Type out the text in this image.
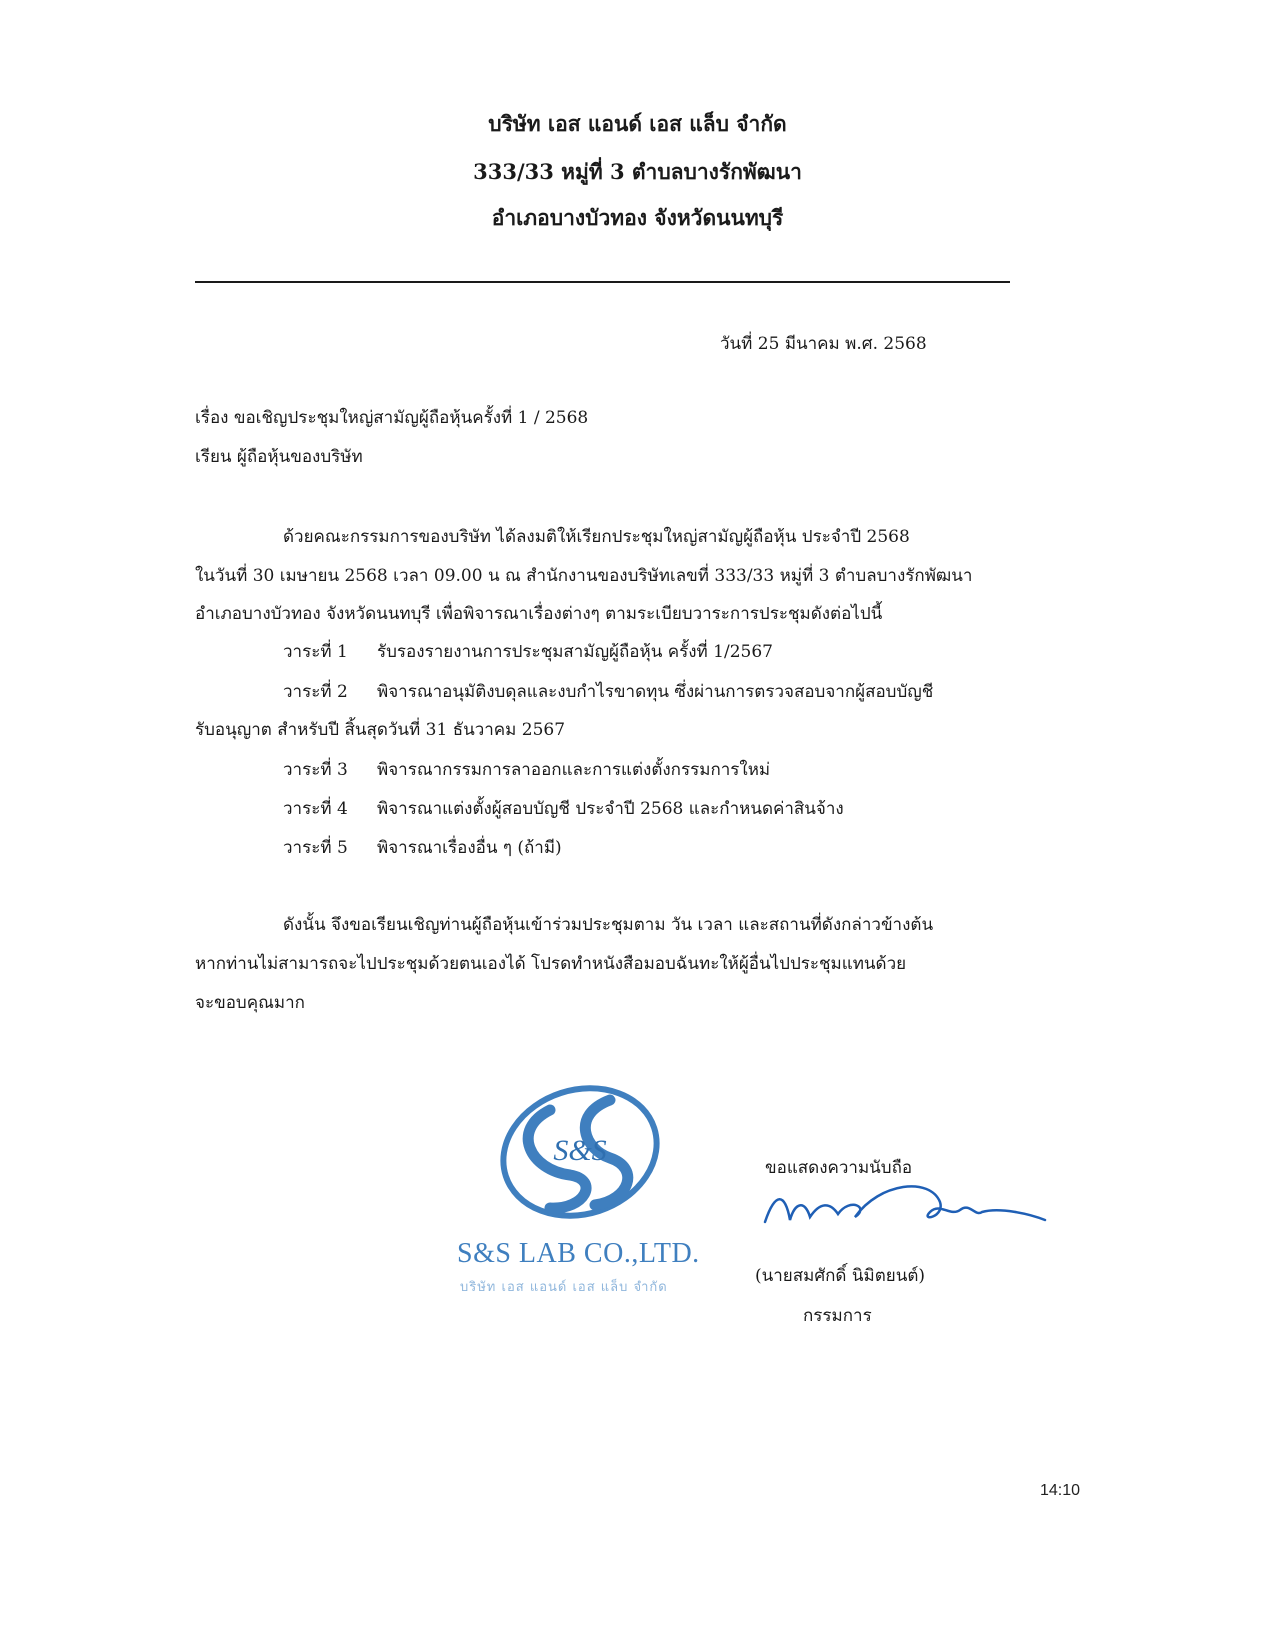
บริษัท เอส แอนด์ เอส แล็บ จำกัด
333/33 หมู่ที่ 3 ตำบลบางรักพัฒนา
อำเภอบางบัวทอง จังหวัดนนทบุรี
วันที่ 25 มีนาคม พ.ศ. 2568
เรื่อง ขอเชิญประชุมใหญ่สามัญผู้ถือหุ้นครั้งที่ 1 / 2568
เรียน ผู้ถือหุ้นของบริษัท
ด้วยคณะกรรมการของบริษัท ได้ลงมติให้เรียกประชุมใหญ่สามัญผู้ถือหุ้น ประจำปี 2568
ในวันที่ 30 เมษายน 2568 เวลา 09.00 น ณ สำนักงานของบริษัทเลขที่ 333/33 หมู่ที่ 3 ตำบลบางรักพัฒนา
อำเภอบางบัวทอง จังหวัดนนทบุรี เพื่อพิจารณาเรื่องต่างๆ ตามระเบียบวาระการประชุมดังต่อไปนี้
วาระที่ 1 รับรองรายงานการประชุมสามัญผู้ถือหุ้น ครั้งที่ 1/2567
วาระที่ 2 พิจารณาอนุมัติงบดุลและงบกำไรขาดทุน ซึ่งผ่านการตรวจสอบจากผู้สอบบัญชี
รับอนุญาต สำหรับปี สิ้นสุดวันที่ 31 ธันวาคม 2567
วาระที่ 3 พิจารณากรรมการลาออกและการแต่งตั้งกรรมการใหม่
วาระที่ 4 พิจารณาแต่งตั้งผู้สอบบัญชี ประจำปี 2568 และกำหนดค่าสินจ้าง
วาระที่ 5 พิจารณาเรื่องอื่น ๆ (ถ้ามี)
ดังนั้น จึงขอเรียนเชิญท่านผู้ถือหุ้นเข้าร่วมประชุมตาม วัน เวลา และสถานที่ดังกล่าวข้างต้น
หากท่านไม่สามารถจะไปประชุมด้วยตนเองได้ โปรดทำหนังสือมอบฉันทะให้ผู้อื่นไปประชุมแทนด้วย
จะขอบคุณมาก
S&S
S&S LAB CO.,LTD.
บริษัท เอส แอนด์ เอส แล็บ จำกัด
ขอแสดงความนับถือ
(นายสมศักดิ์ นิมิตยนต์)
กรรมการ
14:10
